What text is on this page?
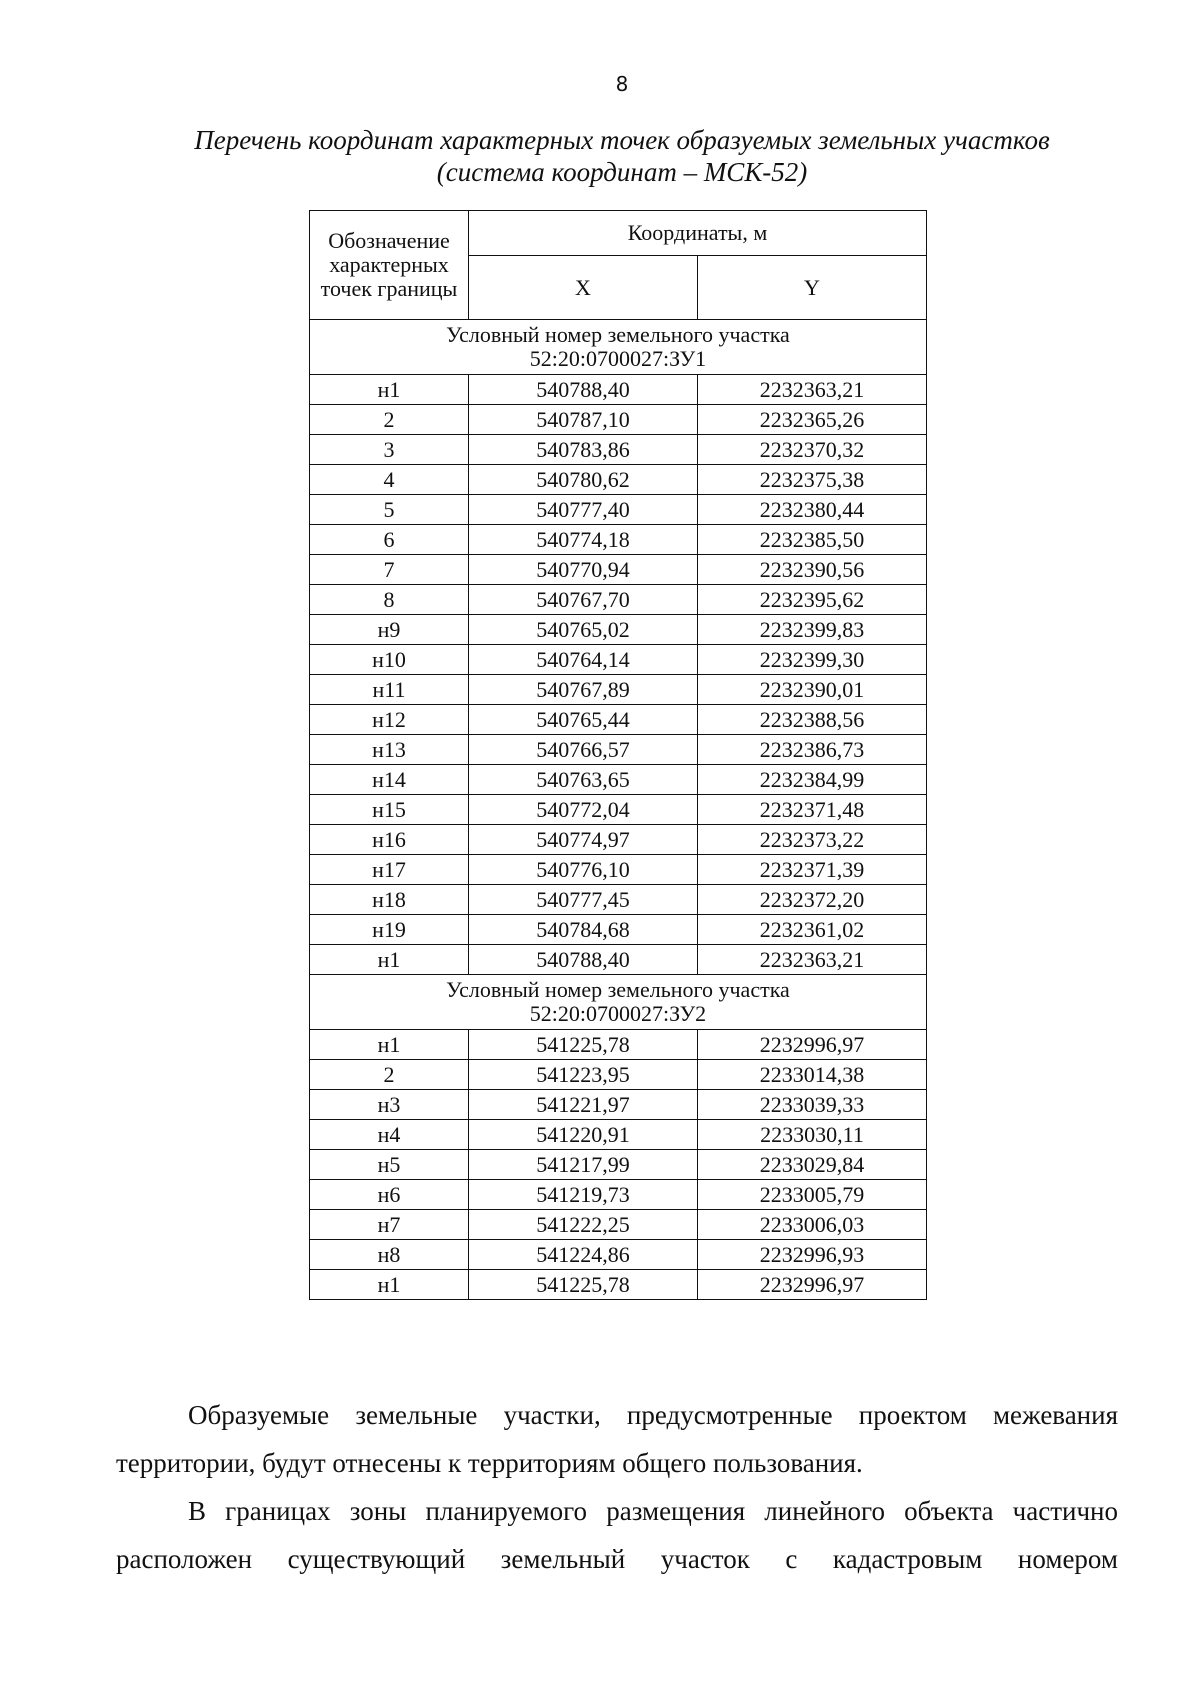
8
Перечень координат характерных точек образуемых земельных участков
(система координат – МСК-52)
Обозначение характерных точек границы	Координаты, м	
	X	Y

Условный номер земельного участка
52:20:0700027:ЗУ1		

н1	540788,40	2232363,21
2	540787,10	2232365,26
3	540783,86	2232370,32
4	540780,62	2232375,38
5	540777,40	2232380,44
6	540774,18	2232385,50
7	540770,94	2232390,56
8	540767,70	2232395,62
н9	540765,02	2232399,83
н10	540764,14	2232399,30
н11	540767,89	2232390,01
н12	540765,44	2232388,56
н13	540766,57	2232386,73
н14	540763,65	2232384,99
н15	540772,04	2232371,48
н16	540774,97	2232373,22
н17	540776,10	2232371,39
н18	540777,45	2232372,20
н19	540784,68	2232361,02
н1	540788,40	2232363,21

Условный номер земельного участка
52:20:0700027:ЗУ2		

н1	541225,78	2232996,97
2	541223,95	2233014,38
н3	541221,97	2233039,33
н4	541220,91	2233030,11
н5	541217,99	2233029,84
н6	541219,73	2233005,79
н7	541222,25	2233006,03
н8	541224,86	2232996,93
н1	541225,78	2232996,97
Образуемые земельные участки, предусмотренные проектом межевания территории, будут отнесены к территориям общего пользования.
В границах зоны планируемого размещения линейного объекта частично расположен существующий земельный участок с кадастровым номером
